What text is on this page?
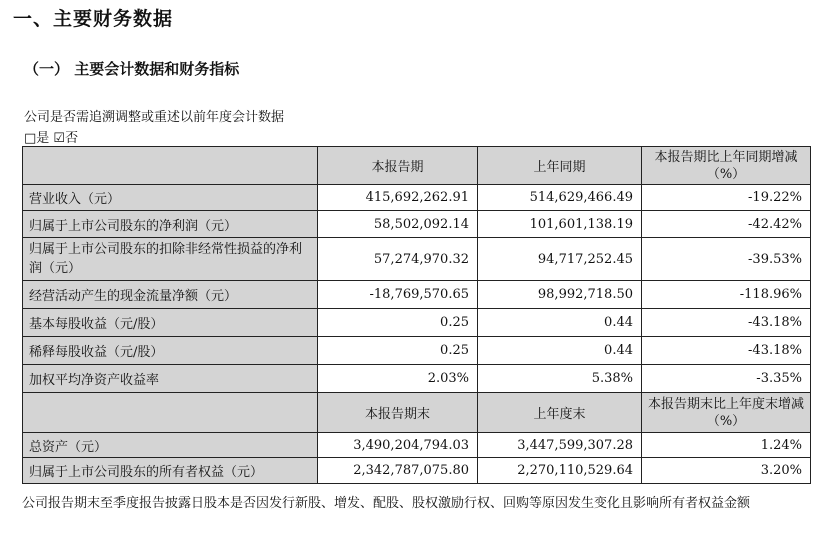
一、主要财务数据
（一） 主要会计数据和财务指标

公司是否需追溯调整或重述以前年度会计数据

□是 ☑否

	本报告期	上年同期	本报告期比上年同期增减（%）

营业收入（元）	415,692,262.91	514,629,466.49	-19.22%
归属于上市公司股东的净利润（元）	58,502,092.14	101,601,138.19	-42.42%
归属于上市公司股东的扣除非经常性损益的净利润（元）	57,274,970.32	94,717,252.45	-39.53%
经营活动产生的现金流量净额（元）	-18,769,570.65	98,992,718.50	-118.96%
基本每股收益（元/股）	0.25	0.44	-43.18%
稀释每股收益（元/股）	0.25	0.44	-43.18%
加权平均净资产收益率	2.03%	5.38%	-3.35%
	本报告期末	上年度末	本报告期末比上年度末增减（%）

总资产（元）	3,490,204,794.03	3,447,599,307.28	1.24%
归属于上市公司股东的所有者权益（元）	2,342,787,075.80	2,270,110,529.64	3.20%

公司报告期末至季度报告披露日股本是否因发行新股、增发、配股、股权激励行权、回购等原因发生变化且影响所有者权益金额
